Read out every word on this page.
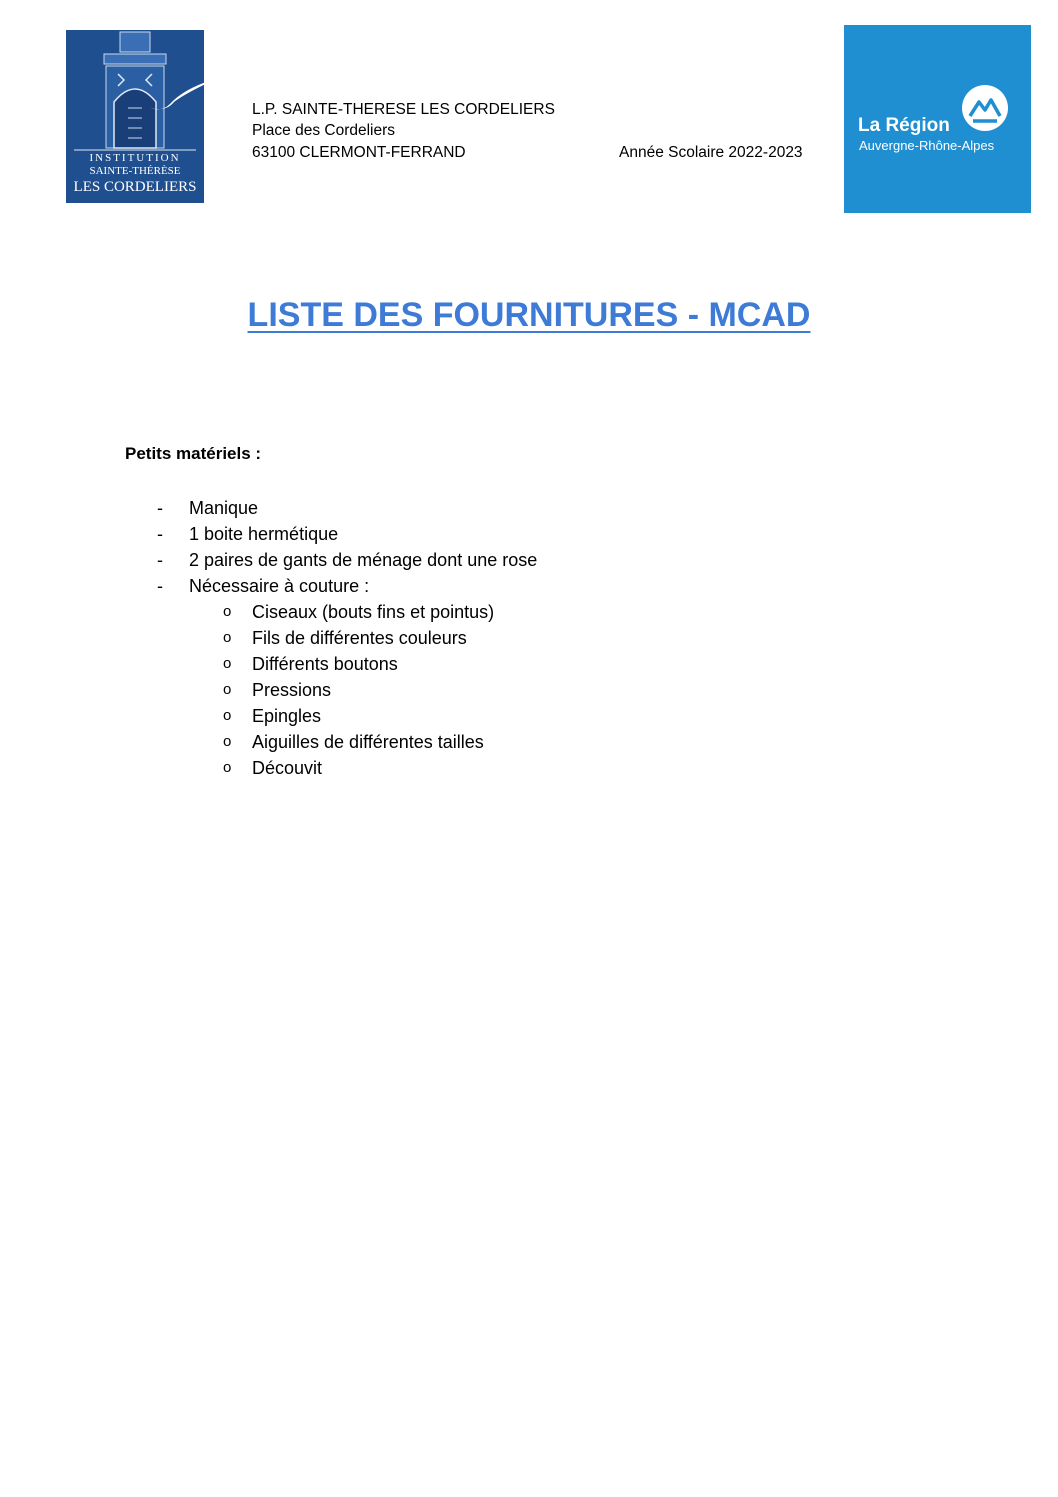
INSTITUTION
SAINTE-THÉRÈSE
LES CORDELIERS
L.P. SAINTE-THERESE LES CORDELIERS
Place des Cordeliers
63100 CLERMONT-FERRAND	Année Scolaire 2022-2023
La Région
Auvergne-Rhône-Alpes
LISTE DES FOURNITURES - MCAD
Petits matériels :
- Manique
- 1 boite hermétique
- 2 paires de gants de ménage dont une rose
- Nécessaire à couture :
o Ciseaux (bouts fins et pointus)
o Fils de différentes couleurs
o Différents boutons
o Pressions
o Epingles
o Aiguilles de différentes tailles
o Découvit
